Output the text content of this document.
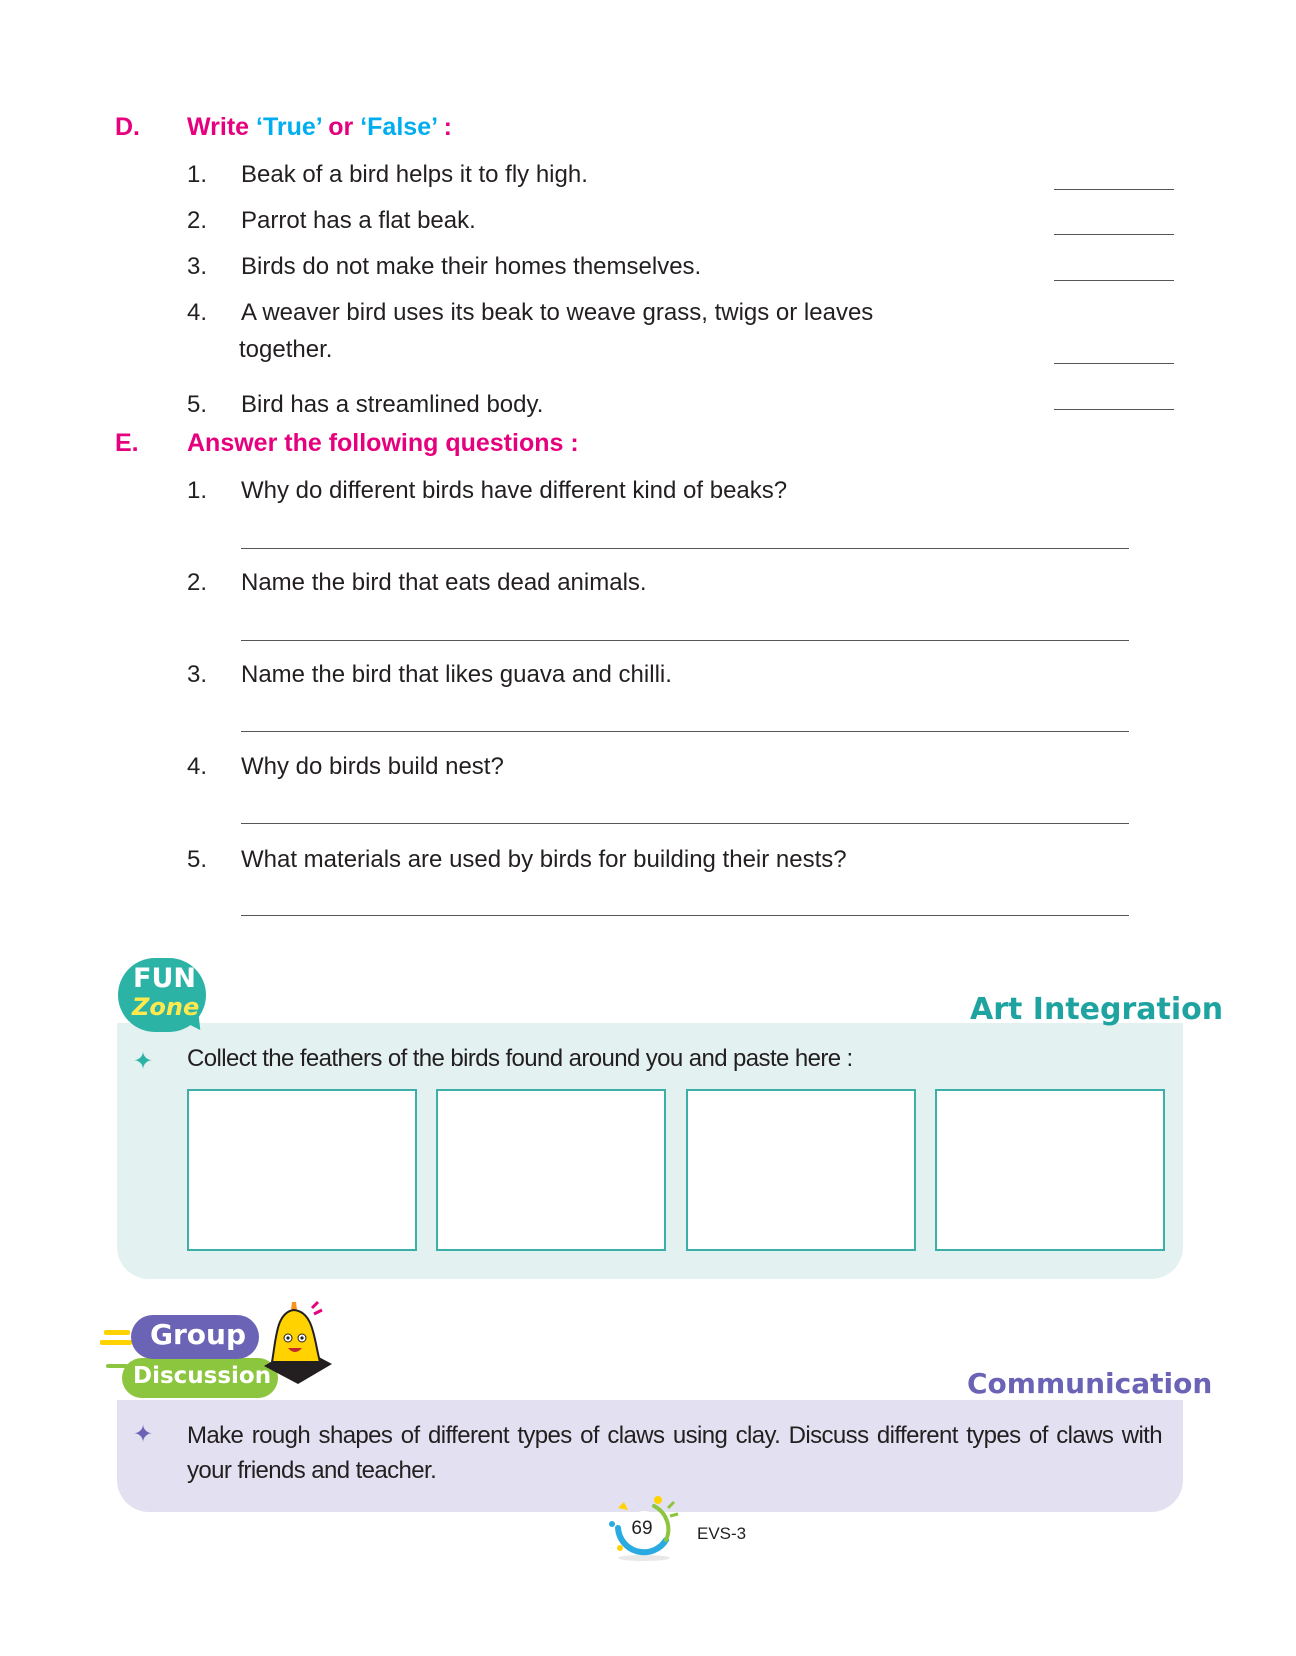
D. Write ‘True’ or ‘False’ :
1. Beak of a bird helps it to fly high.
2. Parrot has a flat beak.
3. Birds do not make their homes themselves.
4. A weaver bird uses its beak to weave grass, twigs or leaves
together.
5. Bird has a streamlined body.
E. Answer the following questions :
1. Why do different birds have different kind of beaks?
2. Name the bird that eats dead animals.
3. Name the bird that likes guava and chilli.
4. Why do birds build nest?
5. What materials are used by birds for building their nests?
FUN
Zone	Art Integration
✦ Collect the feathers of the birds found around you and paste here :
Group
Discussion	Communication
✦ Make rough shapes of different types of claws using clay. Discuss different types of claws with
your friends and teacher.
69	EVS-3
